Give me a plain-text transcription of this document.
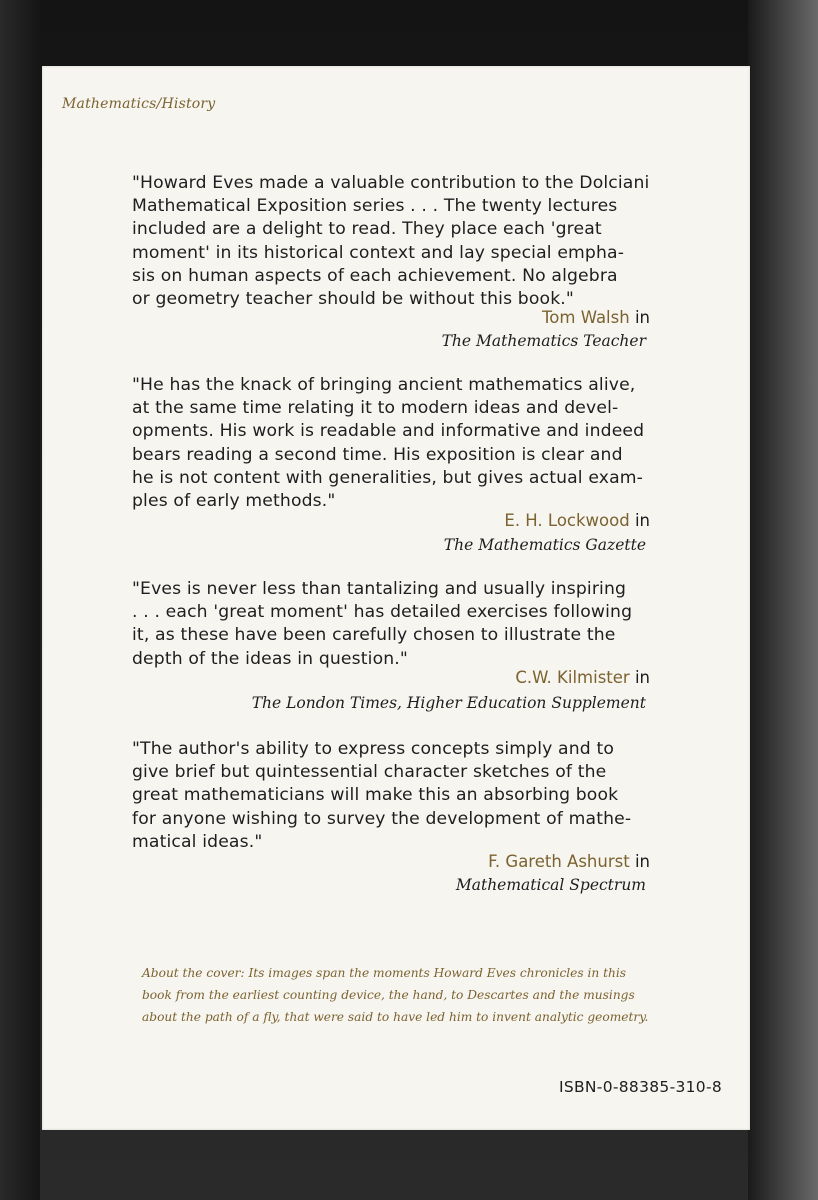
Mathematics/History
"Howard Eves made a valuable contribution to the Dolciani
Mathematical Exposition series . . . The twenty lectures
included are a delight to read. They place each 'great
moment' in its historical context and lay special empha-
sis on human aspects of each achievement. No algebra
or geometry teacher should be without this book."
Tom Walsh in
The Mathematics Teacher
"He has the knack of bringing ancient mathematics alive,
at the same time relating it to modern ideas and devel-
opments. His work is readable and informative and indeed
bears reading a second time. His exposition is clear and
he is not content with generalities, but gives actual exam-
ples of early methods."
E. H. Lockwood in
The Mathematics Gazette
"Eves is never less than tantalizing and usually inspiring
. . . each 'great moment' has detailed exercises following
it, as these have been carefully chosen to illustrate the
depth of the ideas in question."
C.W. Kilmister in
The London Times, Higher Education Supplement
"The author's ability to express concepts simply and to
give brief but quintessential character sketches of the
great mathematicians will make this an absorbing book
for anyone wishing to survey the development of mathe-
matical ideas."
F. Gareth Ashurst in
Mathematical Spectrum
About the cover: Its images span the moments Howard Eves chronicles in this book from the earliest counting device, the hand, to Descartes and the musings about the path of a fly, that were said to have led him to invent analytic geometry.
ISBN-0-88385-310-8
